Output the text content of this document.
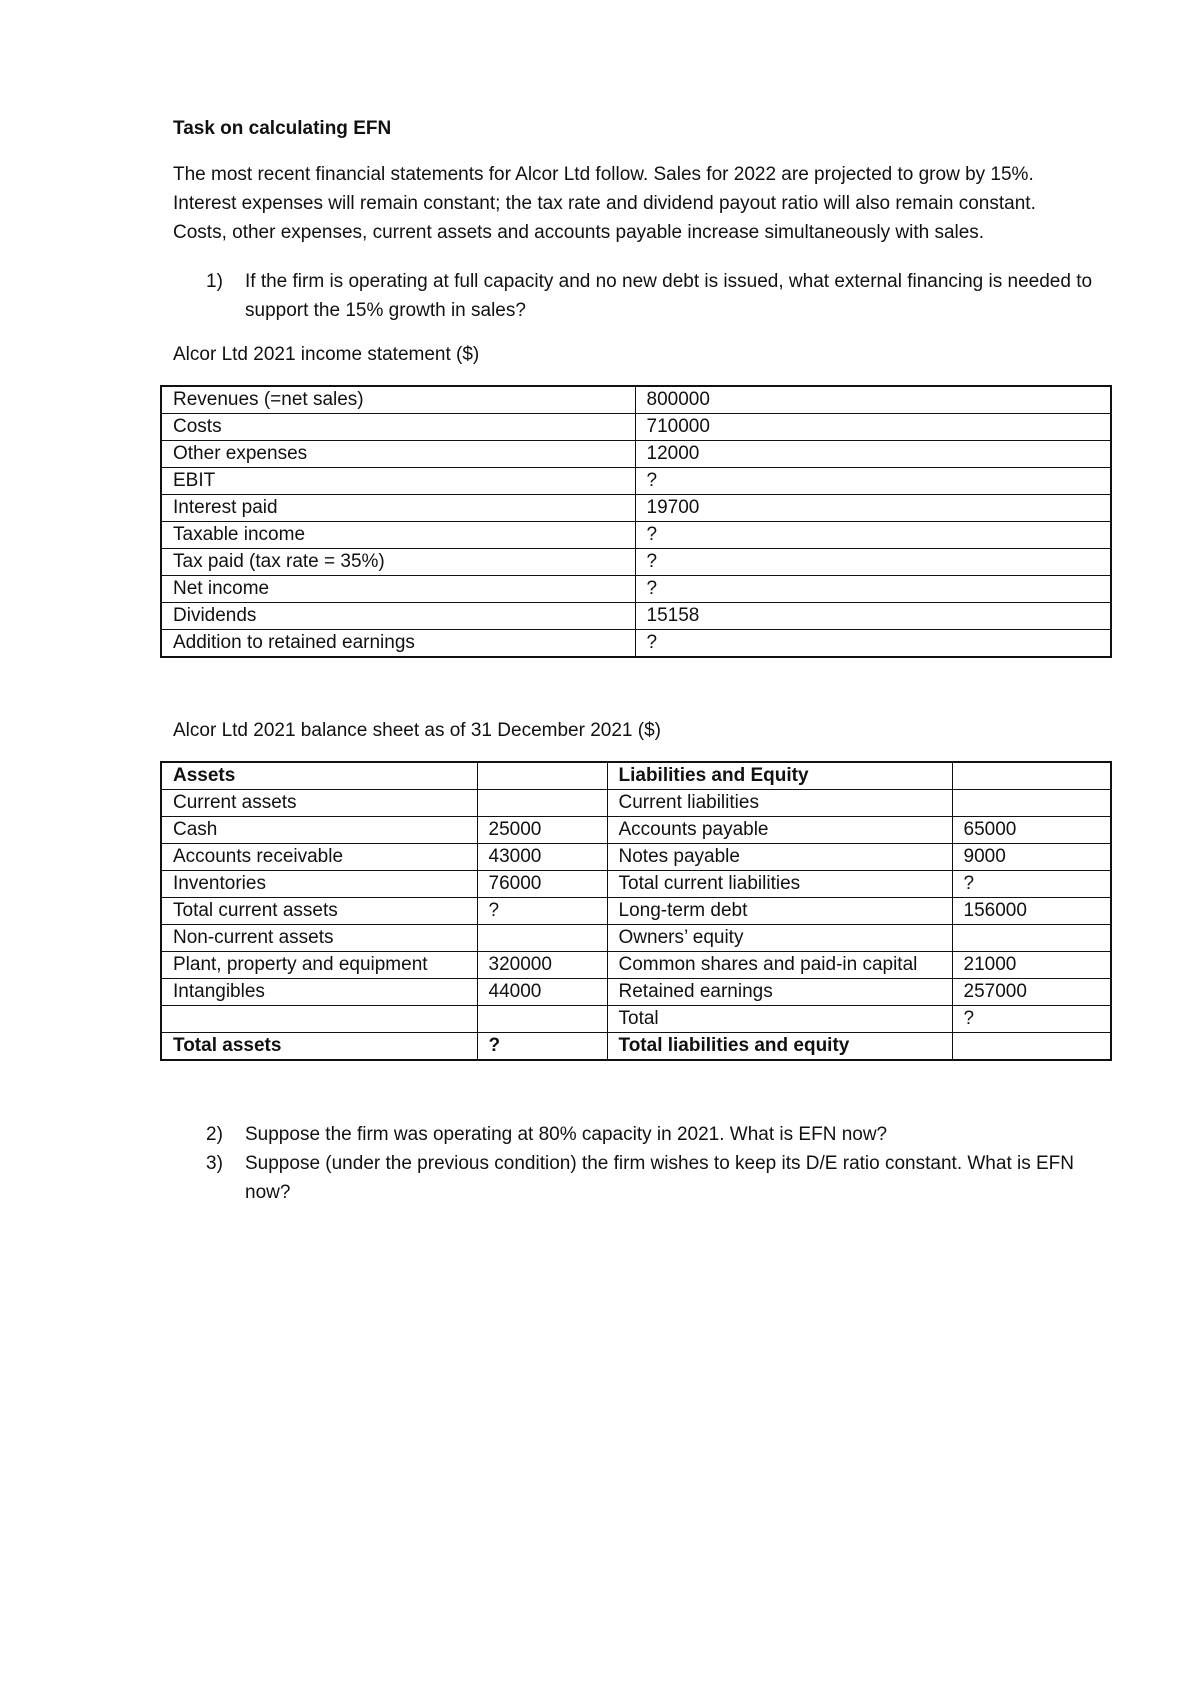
Task on calculating EFN

The most recent financial statements for Alcor Ltd follow. Sales for 2022 are projected to grow by 15%.

Interest expenses will remain constant; the tax rate and dividend payout ratio will also remain constant.

Costs, other expenses, current assets and accounts payable increase simultaneously with sales.

1) If the firm is operating at full capacity and no new debt is issued, what external financing is needed to support the 15% growth in sales?
Alcor Ltd 2021 income statement ($)
Revenues (=net sales)	800000
Costs	710000
Other expenses	12000
EBIT	?
Interest paid	19700
Taxable income	?
Tax paid (tax rate = 35%)	?
Net income	?
Dividends	15158
Addition to retained earnings	?
Alcor Ltd 2021 balance sheet as of 31 December 2021 ($)
Assets		Liabilities and Equity	
Current assets		Current liabilities	
Cash	25000	Accounts payable	65000
Accounts receivable	43000	Notes payable	9000
Inventories	76000	Total current liabilities	?
Total current assets	?	Long-term debt	156000
Non-current assets		Owners’ equity	
Plant, property and equipment	320000	Common shares and paid-in capital	21000
Intangibles	44000	Retained earnings	257000
		Total	?
Total assets	?	Total liabilities and equity	
2) Suppose the firm was operating at 80% capacity in 2021. What is EFN now?
3) Suppose (under the previous condition) the firm wishes to keep its D/E ratio constant. What is EFN now?
